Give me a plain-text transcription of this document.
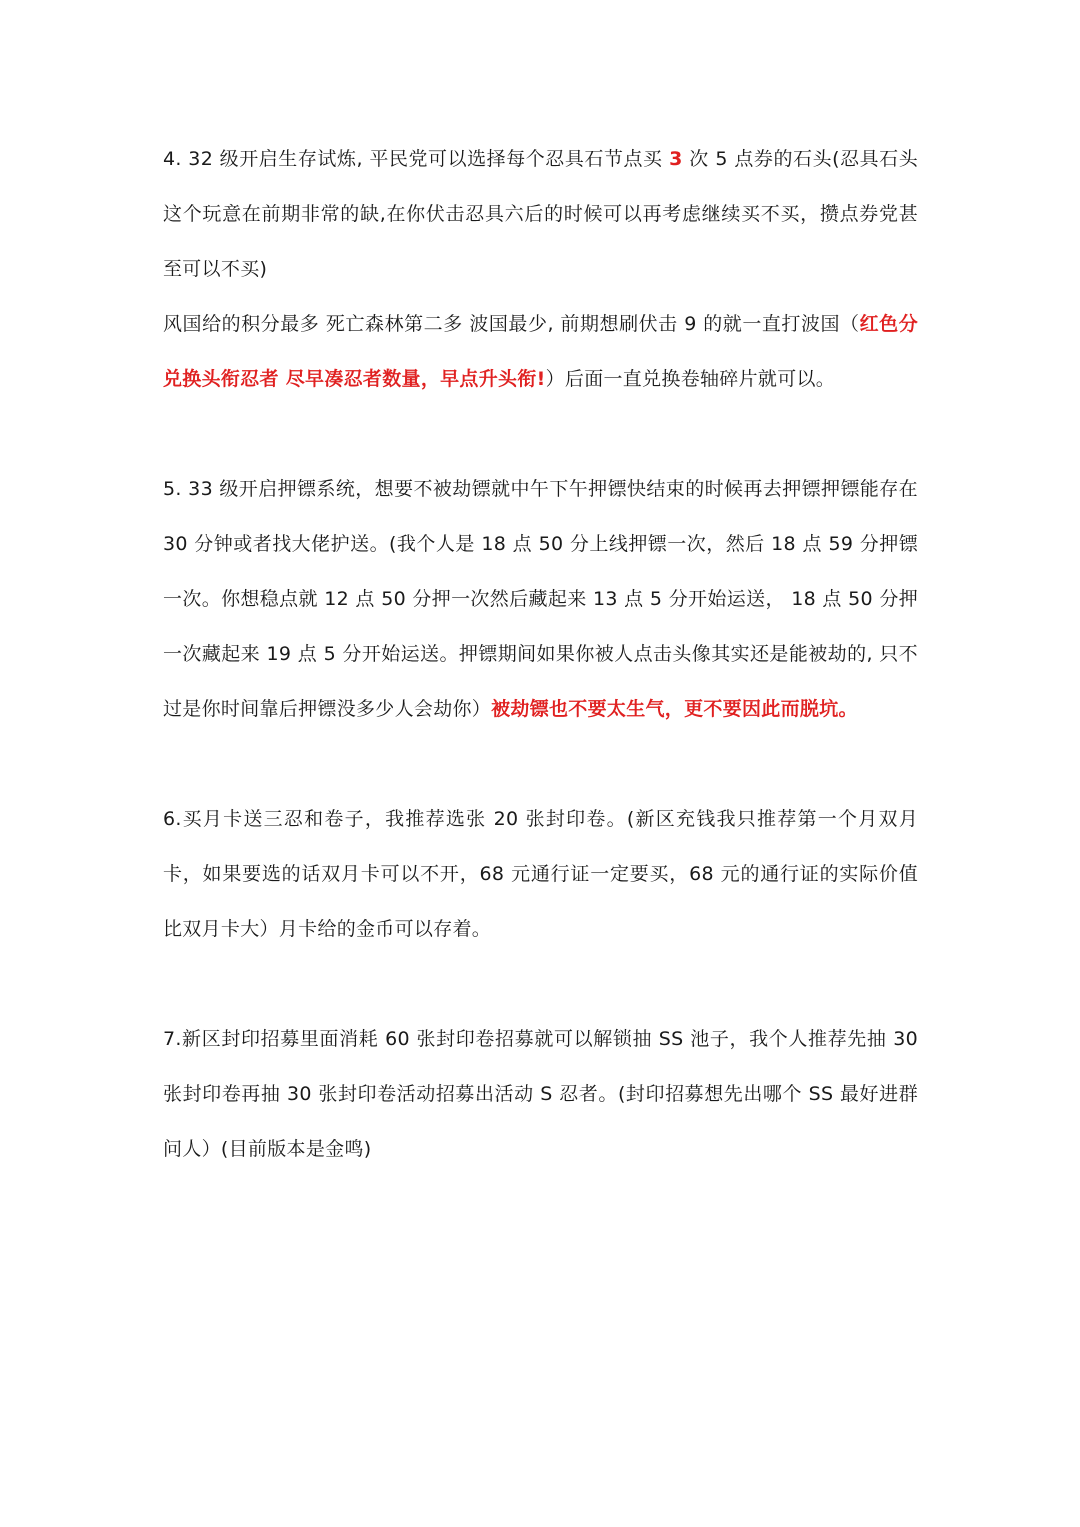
4. 32 级开启生存试炼, 平民党可以选择每个忍具石节点买 3 次 5 点券的石头(忍具石头这个玩意在前期非常的缺,在你伏击忍具六后的时候可以再考虑继续买不买，攒点券党甚至可以不买)

风国给的积分最多 死亡森林第二多 波国最少, 前期想刷伏击 9 的就一直打波国（红色分兑换头衔忍者 尽早凑忍者数量，早点升头衔!）后面一直兑换卷轴碎片就可以。

5. 33 级开启押镖系统，想要不被劫镖就中午下午押镖快结束的时候再去押镖押镖能存在 30 分钟或者找大佬护送。(我个人是 18 点 50 分上线押镖一次，然后 18 点 59 分押镖一次。你想稳点就 12 点 50 分押一次然后藏起来 13 点 5 分开始运送， 18 点 50 分押一次藏起来 19 点 5 分开始运送。押镖期间如果你被人点击头像其实还是能被劫的, 只不过是你时间靠后押镖没多少人会劫你）被劫镖也不要太生气，更不要因此而脱坑。

6.买月卡送三忍和卷子，我推荐选张 20 张封印卷。(新区充钱我只推荐第一个月双月卡，如果要选的话双月卡可以不开，68 元通行证一定要买，68 元的通行证的实际价值比双月卡大）月卡给的金币可以存着。

7.新区封印招募里面消耗 60 张封印卷招募就可以解锁抽 SS 池子，我个人推荐先抽 30 张封印卷再抽 30 张封印卷活动招募出活动 S 忍者。(封印招募想先出哪个 SS 最好进群问人）(目前版本是金鸣)
